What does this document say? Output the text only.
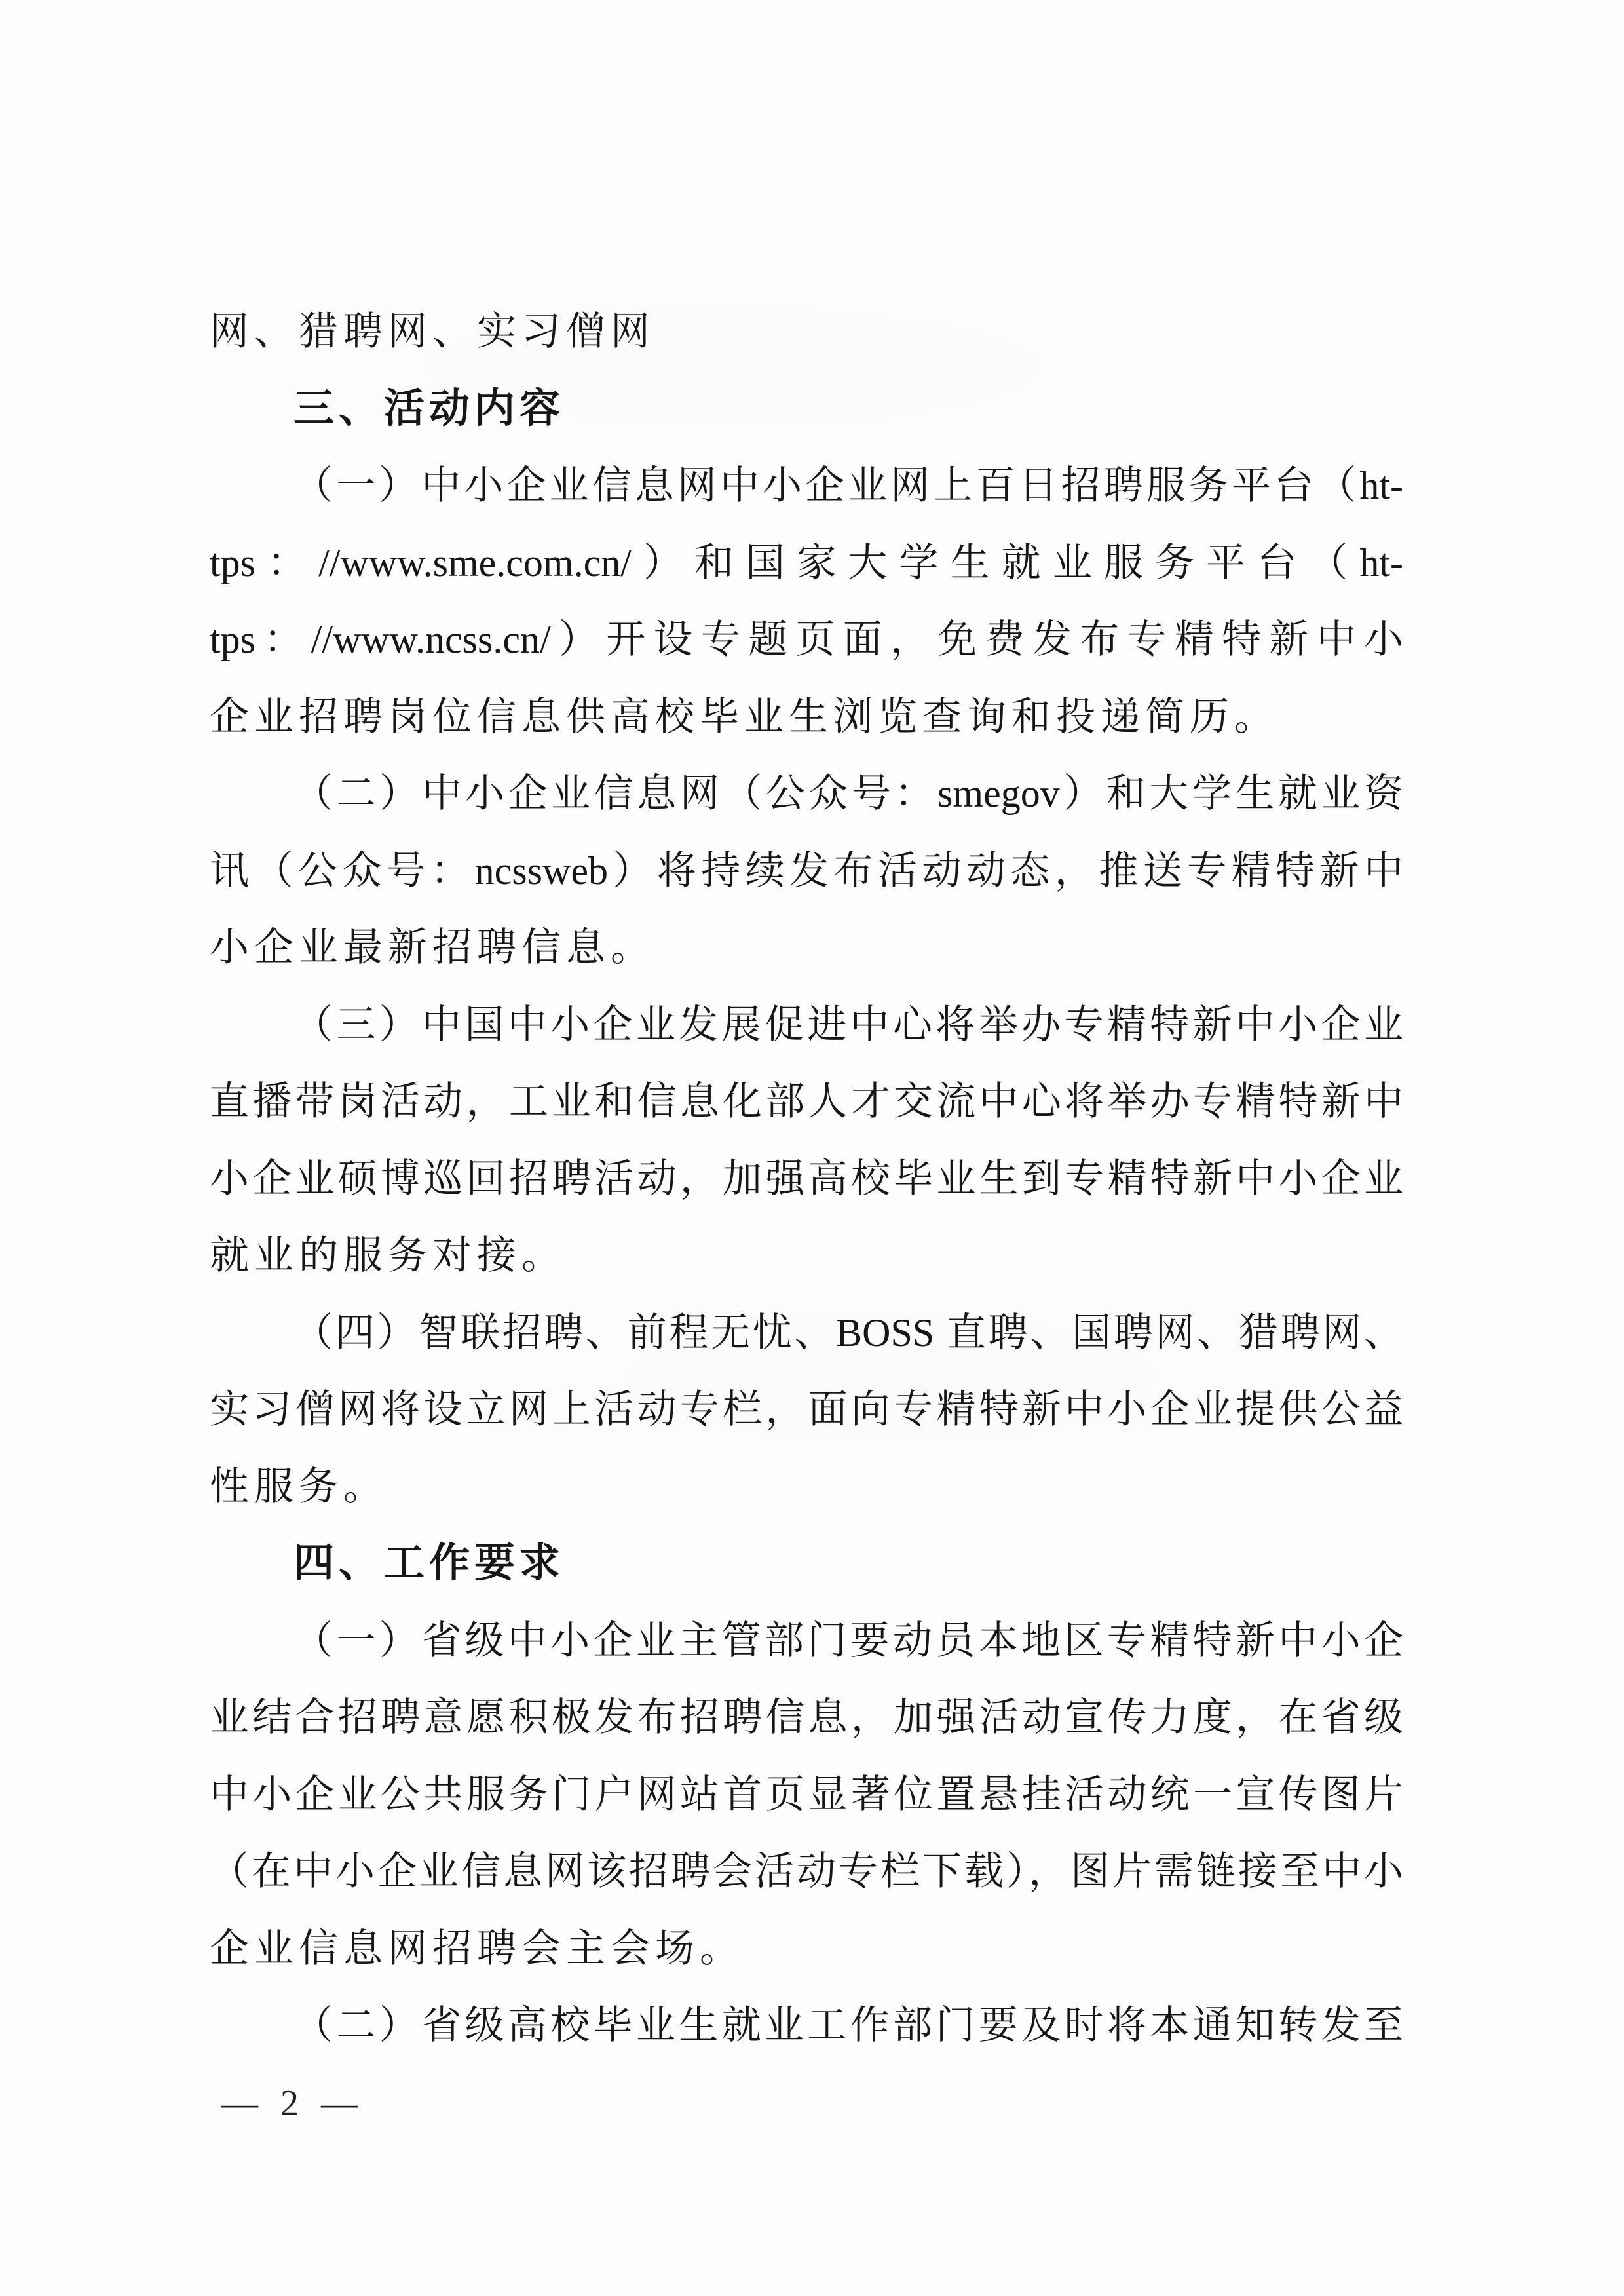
网、猎聘网、实习僧网
三、活动内容
（一）中小企业信息网中小企业网上百日招聘服务平台（ht-
tps：//www.sme.com.cn/）和国家大学生就业服务平台（ht-
tps：//www.ncss.cn/）开设专题页面，免费发布专精特新中小
企业招聘岗位信息供高校毕业生浏览查询和投递简历。
（二）中小企业信息网（公众号：smegov）和大学生就业资
讯（公众号：ncssweb）将持续发布活动动态，推送专精特新中
小企业最新招聘信息。
（三）中国中小企业发展促进中心将举办专精特新中小企业
直播带岗活动，工业和信息化部人才交流中心将举办专精特新中
小企业硕博巡回招聘活动，加强高校毕业生到专精特新中小企业
就业的服务对接。
（四）智联招聘、前程无忧、BOSS 直聘、国聘网、猎聘网、
实习僧网将设立网上活动专栏，面向专精特新中小企业提供公益
性服务。
四、工作要求
（一）省级中小企业主管部门要动员本地区专精特新中小企
业结合招聘意愿积极发布招聘信息，加强活动宣传力度，在省级
中小企业公共服务门户网站首页显著位置悬挂活动统一宣传图片
（在中小企业信息网该招聘会活动专栏下载），图片需链接至中小
企业信息网招聘会主会场。
（二）省级高校毕业生就业工作部门要及时将本通知转发至
— 2 —
